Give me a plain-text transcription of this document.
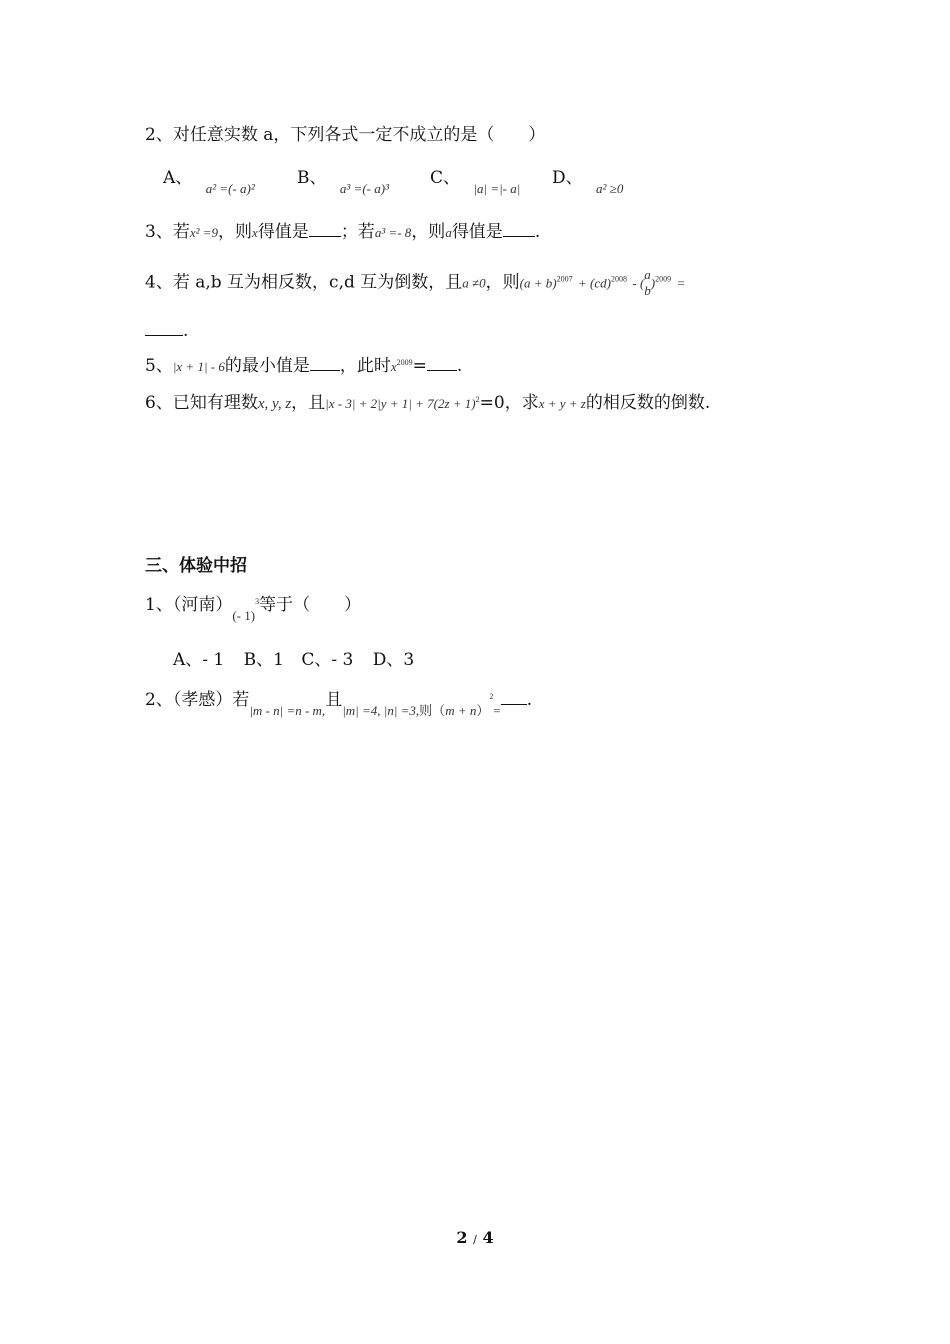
2、对任意实数 a，下列各式一定不成立的是（　　）
A、 $_{a^2 =(- a)^2}$
B、 $_{a^3 =(- a)^3}$
C、 $_{|a| =|- a|}$
D、 $_{a^2 \ge 0}$
3、若x² =9，则x得值是 ；若a³ =- 8，则a得值是 .
4、若 a,b 互为相反数，c,d 互为倒数，且a ≠0，则$(a + b)^{2007} + (cd)^{2008}$ - (
a
b )$^{2009}$ =
.
5、|x + 1| - 6的最小值是 ，此时$x^{2009}=$ .
6、已知有理数x, y, z，且$|x - 3| + 2|y + 1| + 7(2z + 1)^2=0$，求x + y + z的相反数的倒数.
三、体验中招
1、（河南）$_{(- 1)}^3$等于（　　）
A、- 1 B、1 C、- 3 D、3
2、（孝感）若$_{|m - n| =n - m,}$且$_{|m| =4, |n| =3,则(m + n)}^2_=$.
2 / 4
